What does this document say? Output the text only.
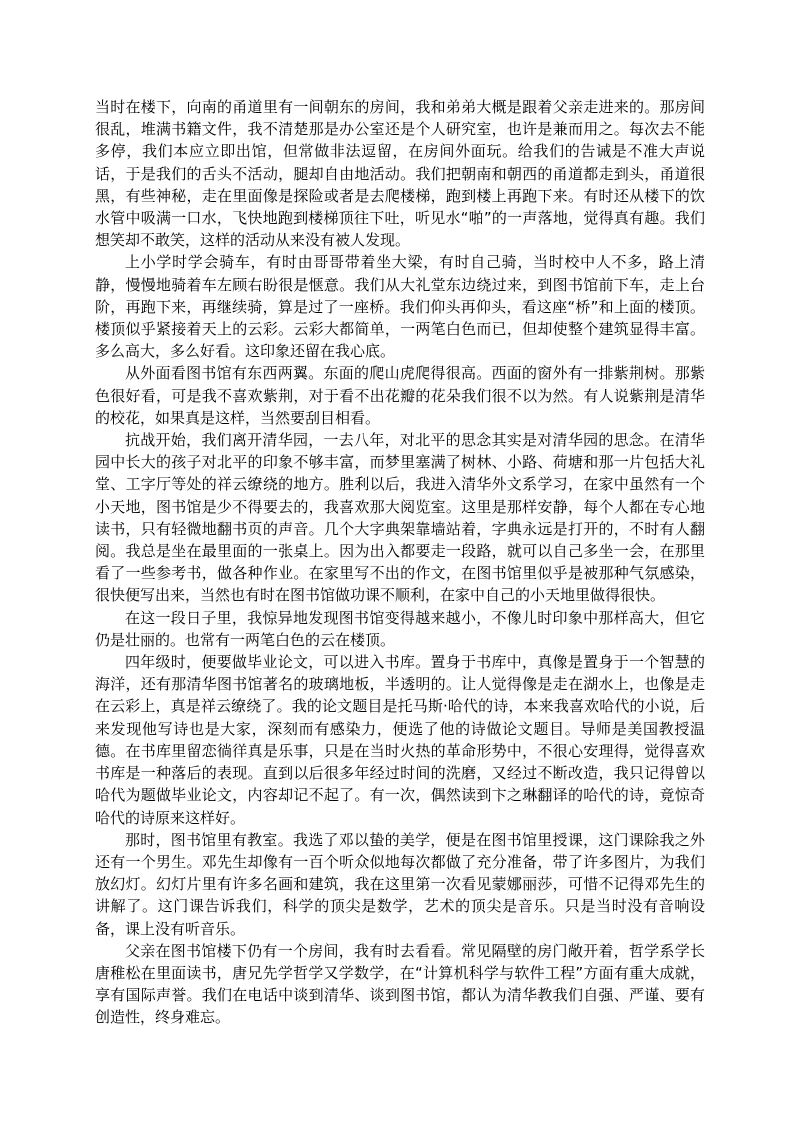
当时在楼下，向南的甬道里有一间朝东的房间，我和弟弟大概是跟着父亲走进来的。那房间很乱，堆满书籍文件，我不清楚那是办公室还是个人研究室，也许是兼而用之。每次去不能多停，我们本应立即出馆，但常做非法逗留，在房间外面玩。给我们的告诫是不准大声说话，于是我们的舌头不活动，腿却自由地活动。我们把朝南和朝西的甬道都走到头，甬道很黑，有些神秘，走在里面像是探险或者是去爬楼梯，跑到楼上再跑下来。有时还从楼下的饮水管中吸满一口水，飞快地跑到楼梯顶往下吐，听见水“啪”的一声落地，觉得真有趣。我们想笑却不敢笑，这样的活动从来没有被人发现。

上小学时学会骑车，有时由哥哥带着坐大梁，有时自己骑，当时校中人不多，路上清静，慢慢地骑着车左顾右盼很是惬意。我们从大礼堂东边绕过来，到图书馆前下车，走上台阶，再跑下来，再继续骑，算是过了一座桥。我们仰头再仰头，看这座“桥”和上面的楼顶。楼顶似乎紧接着天上的云彩。云彩大都简单，一两笔白色而已，但却使整个建筑显得丰富。多么高大，多么好看。这印象还留在我心底。

从外面看图书馆有东西两翼。东面的爬山虎爬得很高。西面的窗外有一排紫荆树。那紫色很好看，可是我不喜欢紫荆，对于看不出花瓣的花朵我们很不以为然。有人说紫荆是清华的校花，如果真是这样，当然要刮目相看。

抗战开始，我们离开清华园，一去八年，对北平的思念其实是对清华园的思念。在清华园中长大的孩子对北平的印象不够丰富，而梦里塞满了树林、小路、荷塘和那一片包括大礼堂、工字厅等处的祥云缭绕的地方。胜利以后，我进入清华外文系学习，在家中虽然有一个小天地，图书馆是少不得要去的，我喜欢那大阅览室。这里是那样安静，每个人都在专心地读书，只有轻微地翻书页的声音。几个大字典架靠墙站着，字典永远是打开的，不时有人翻阅。我总是坐在最里面的一张桌上。因为出入都要走一段路，就可以自己多坐一会，在那里看了一些参考书，做各种作业。在家里写不出的作文，在图书馆里似乎是被那种气氛感染，很快便写出来，当然也有时在图书馆做功课不顺利，在家中自己的小天地里做得很快。

在这一段日子里，我惊异地发现图书馆变得越来越小，不像儿时印象中那样高大，但它仍是壮丽的。也常有一两笔白色的云在楼顶。

四年级时，便要做毕业论文，可以进入书库。置身于书库中，真像是置身于一个智慧的海洋，还有那清华图书馆著名的玻璃地板，半透明的。让人觉得像是走在湖水上，也像是走在云彩上，真是祥云缭绕了。我的论文题目是托马斯·哈代的诗，本来我喜欢哈代的小说，后来发现他写诗也是大家，深刻而有感染力，便选了他的诗做论文题目。导师是美国教授温德。在书库里留恋徜徉真是乐事，只是在当时火热的革命形势中，不很心安理得，觉得喜欢书库是一种落后的表现。直到以后很多年经过时间的洗磨，又经过不断改造，我只记得曾以哈代为题做毕业论文，内容却记不起了。有一次，偶然读到卞之琳翻译的哈代的诗，竟惊奇哈代的诗原来这样好。

那时，图书馆里有教室。我选了邓以蛰的美学，便是在图书馆里授课，这门课除我之外还有一个男生。邓先生却像有一百个听众似地每次都做了充分准备，带了许多图片，为我们放幻灯。幻灯片里有许多名画和建筑，我在这里第一次看见蒙娜丽莎，可惜不记得邓先生的讲解了。这门课告诉我们，科学的顶尖是数学，艺术的顶尖是音乐。只是当时没有音响设备，课上没有听音乐。

父亲在图书馆楼下仍有一个房间，我有时去看看。常见隔壁的房门敞开着，哲学系学长唐稚松在里面读书，唐兄先学哲学又学数学，在“计算机科学与软件工程”方面有重大成就，享有国际声誉。我们在电话中谈到清华、谈到图书馆，都认为清华教我们自强、严谨、要有创造性，终身难忘。
